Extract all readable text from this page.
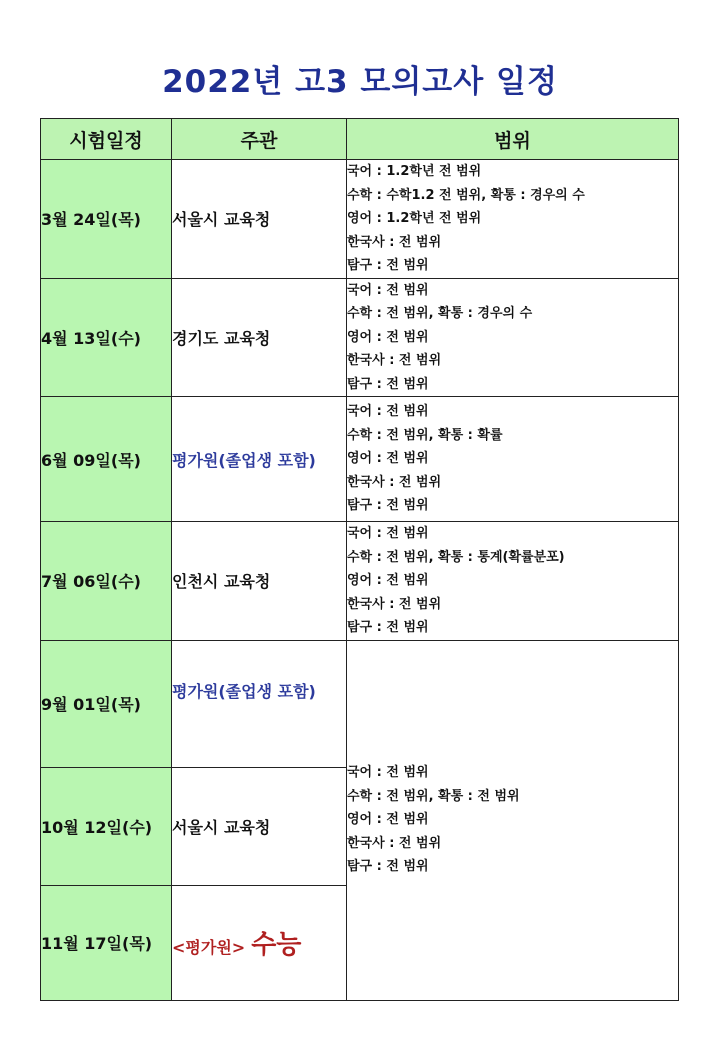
2022년 고3 모의고사 일정
시험일정	주관	범위
3월 24일(목)	서울시 교육청	국어 : 1.2학년 전 범위
수학 : 수학1.2 전 범위, 확통 : 경우의 수
영어 : 1.2학년 전 범위
한국사 : 전 범위
탐구 : 전 범위

4월 13일(수)	경기도 교육청	국어 : 전 범위
수학 : 전 범위, 확통 : 경우의 수
영어 : 전 범위
한국사 : 전 범위
탐구 : 전 범위

6월 09일(목)	평가원(졸업생 포함)	국어 : 전 범위
수학 : 전 범위, 확통 : 확률
영어 : 전 범위
한국사 : 전 범위
탐구 : 전 범위

7월 06일(수)	인천시 교육청	국어 : 전 범위
수학 : 전 범위, 확통 : 통계(확률분포)
영어 : 전 범위
한국사 : 전 범위
탐구 : 전 범위

9월 01일(목)	평가원(졸업생 포함)	국어 : 전 범위
수학 : 전 범위, 확통 : 전 범위
영어 : 전 범위
한국사 : 전 범위
탐구 : 전 범위

10월 12일(수)	서울시 교육청	
11월 17일(목)	<평가원> 수능	
